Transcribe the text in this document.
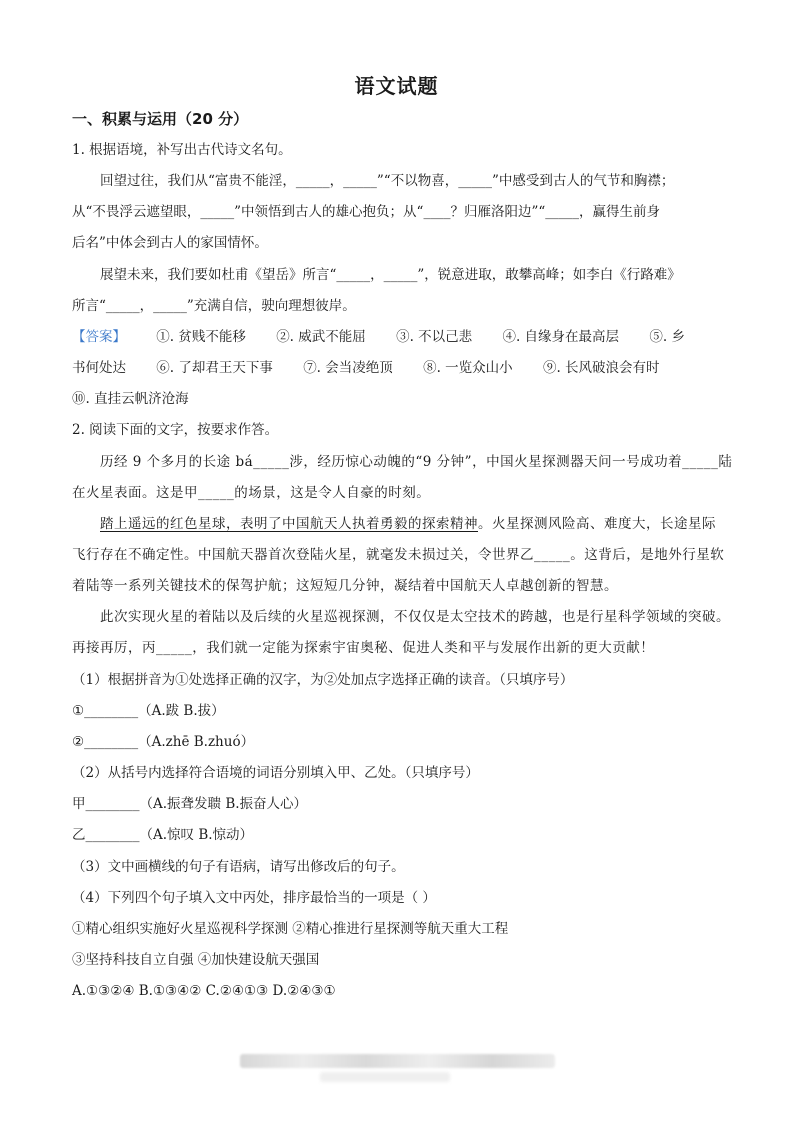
语文试题
一、积累与运用（20 分）
1. 根据语境，补写出古代诗文名句。
回望过往，我们从“富贵不能淫，_____，_____”“不以物喜，_____”中感受到古人的气节和胸襟；
从“不畏浮云遮望眼，_____”中领悟到古人的雄心抱负；从“____？归雁洛阳边”“_____，赢得生前身
后名”中体会到古人的家国情怀。
展望未来，我们要如杜甫《望岳》所言“_____，_____”，锐意进取，敢攀高峰；如李白《行路难》
所言“_____，_____”充满自信，驶向理想彼岸。
【答案】 ①. 贫贱不能移 ②. 威武不能屈 ③. 不以己悲 ④. 自缘身在最高层 ⑤. 乡
书何处达 ⑥. 了却君王天下事 ⑦. 会当凌绝顶 ⑧. 一览众山小 ⑨. 长风破浪会有时
⑩. 直挂云帆济沧海
2. 阅读下面的文字，按要求作答。
历经 9 个多月的长途 bá_____涉，经历惊心动魄的“9 分钟”，中国火星探测器天问一号成功着_____陆
在火星表面。这是甲_____的场景，这是令人自豪的时刻。
踏上遥远的红色星球，表明了中国航天人执着勇毅的探索精神。火星探测风险高、难度大，长途星际
飞行存在不确定性。中国航天器首次登陆火星，就毫发未损过关，令世界乙_____。这背后，是地外行星软
着陆等一系列关键技术的保驾护航；这短短几分钟，凝结着中国航天人卓越创新的智慧。
此次实现火星的着陆以及后续的火星巡视探测，不仅仅是太空技术的跨越，也是行星科学领域的突破。
再接再厉，丙_____，我们就一定能为探索宇宙奥秘、促进人类和平与发展作出新的更大贡献！
（1）根据拼音为①处选择正确的汉字，为②处加点字选择正确的读音。（只填序号）
①________（A.跋 B.拔）
②________（A.zhē B.zhuó）
（2）从括号内选择符合语境的词语分别填入甲、乙处。（只填序号）
甲________（A.振聋发聩 B.振奋人心）
乙________（A.惊叹 B.惊动）
（3）文中画横线的句子有语病，请写出修改后的句子。
（4）下列四个句子填入文中丙处，排序最恰当的一项是（ ）
①精心组织实施好火星巡视科学探测 ②精心推进行星探测等航天重大工程
③坚持科技自立自强 ④加快建设航天强国
A.①③②④ B.①③④② C.②④①③ D.②④③①
